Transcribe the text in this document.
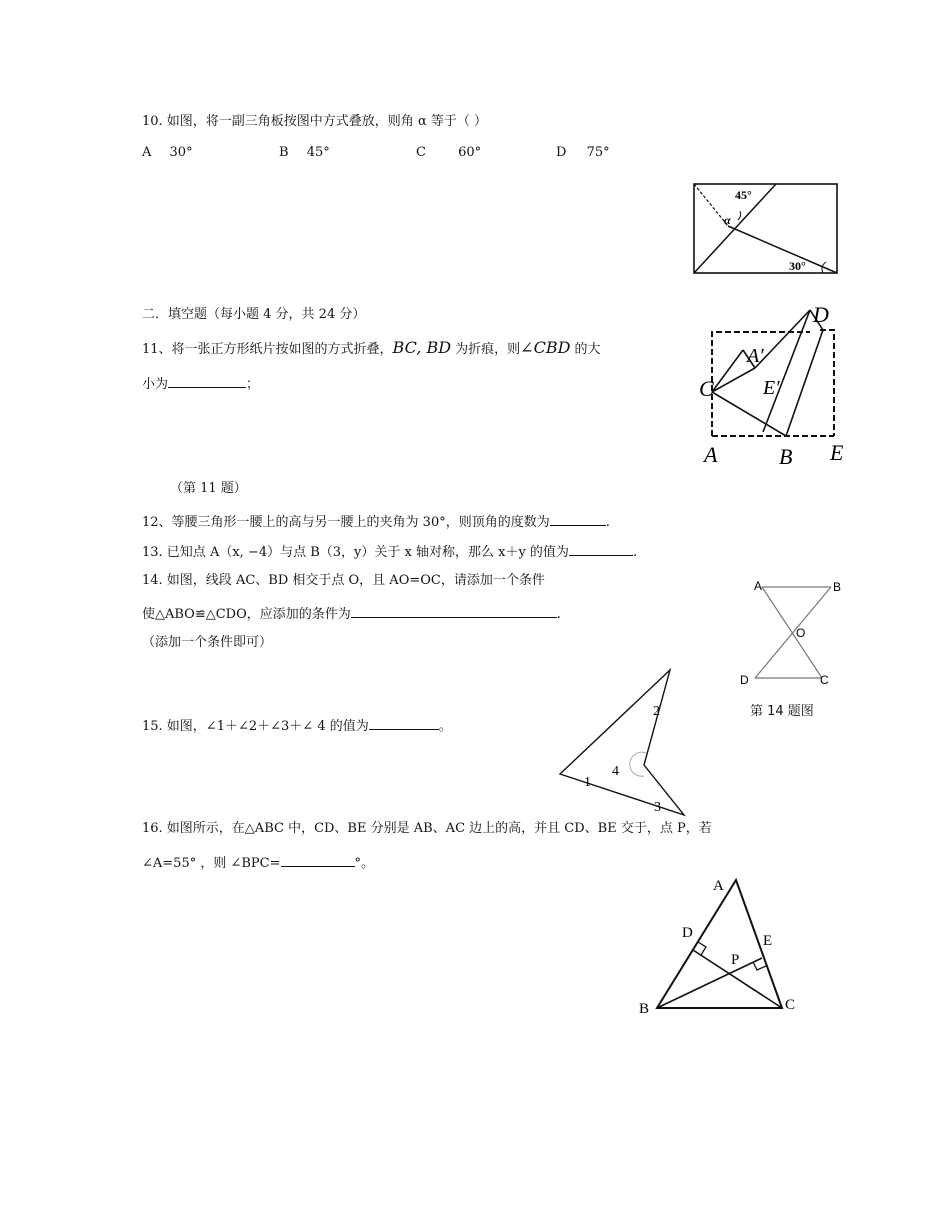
10. 如图，将一副三角板按图中方式叠放，则角 α 等于（ ）
A 30°	B 45°	C 60°	D 75°
45°
α
30°
二．填空题（每小题 4 分，共 24 分）
11、将一张正方形纸片按如图的方式折叠，BC, BD 为折痕，则∠CBD 的大
小为	；	C
D
A′
E′
A	B E
（第 11 题）
12、等腰三角形一腰上的高与另一腰上的夹角为 30°，则顶角的度数为	.
13. 已知点 A（x, −4）与点 B（3，y）关于 x 轴对称，那么 x＋y 的值为	.
14. 如图，线段 AC、BD 相交于点 O，且 AO=OC，请添加一个条件
使△ABO≌△CDO，应添加的条件为	.
（添加一个条件即可）
A	B
O
D	C
第 14 题图
15. 如图，∠1＋∠2＋∠3＋∠ 4 的值为	。
1
2
3
4
16. 如图所示，在△ABC 中，CD、BE 分别是 AB、AC 边上的高，并且 CD、BE 交于，点 P，若
∠A=55° ，则 ∠BPC=	°。
A
D	E
P
B	C
